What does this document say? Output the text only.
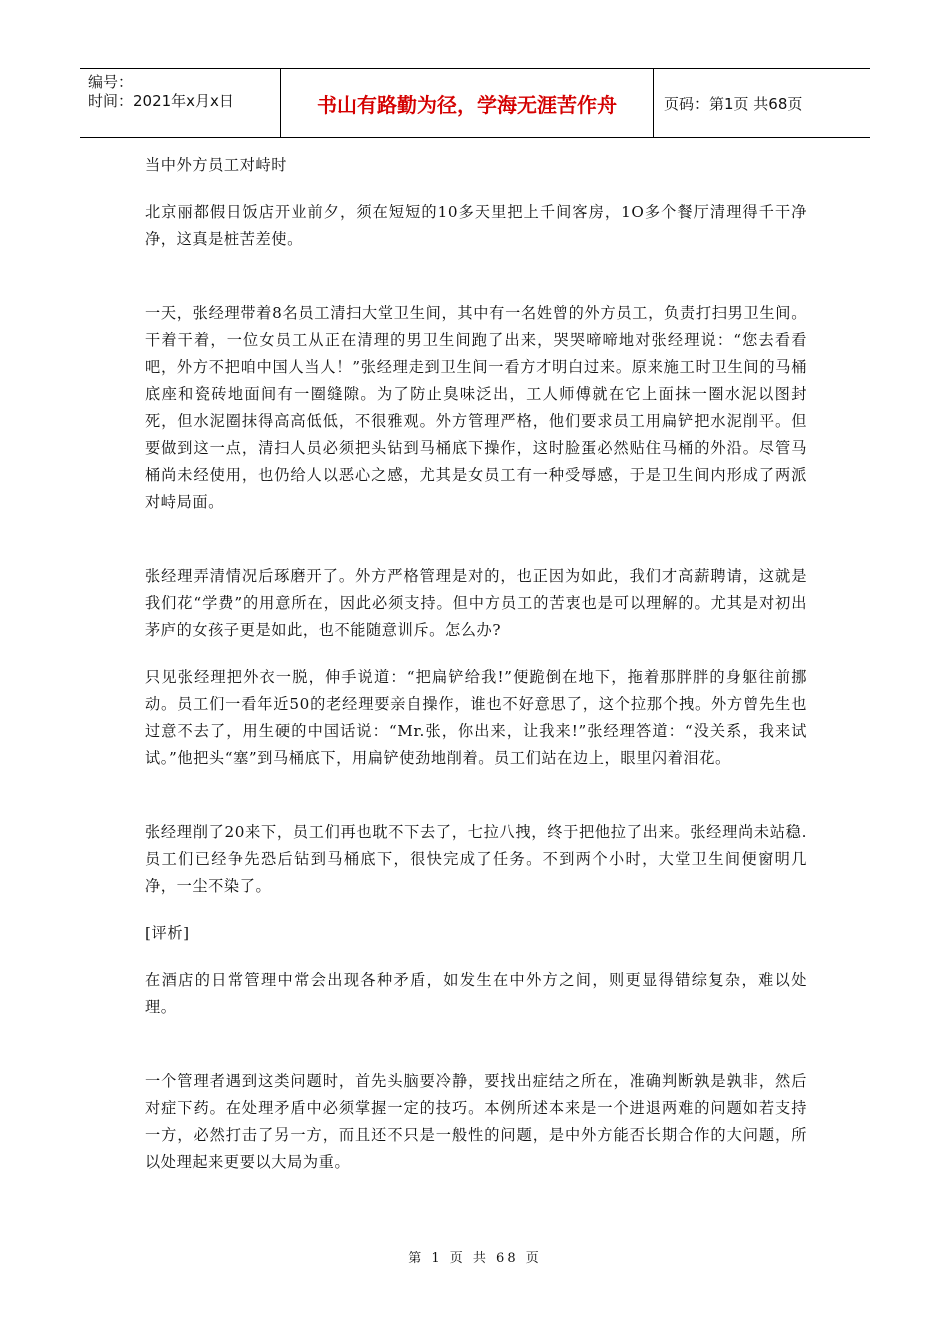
编号：
时间：2021年x月x日	书山有路勤为径，学海无涯苦作舟	页码：第1页 共68页

当中外方员工对峙时

北京丽都假日饭店开业前夕，须在短短的10多天里把上千间客房，1O多个餐厅清理得千干净净，这真是桩苦差使。

一天，张经理带着8名员工清扫大堂卫生间，其中有一名姓曾的外方员工，负责打扫男卫生间。干着干着，一位女员工从正在清理的男卫生间跑了出来，哭哭啼啼地对张经理说：“您去看看吧，外方不把咱中国人当人！”张经理走到卫生间一看方才明白过来。原来施工时卫生间的马桶底座和瓷砖地面间有一圈缝隙。为了防止臭味泛出，工人师傅就在它上面抹一圈水泥以图封死，但水泥圈抹得高高低低，不很雅观。外方管理严格，他们要求员工用扁铲把水泥削平。但要做到这一点，清扫人员必须把头钻到马桶底下操作，这时脸蛋必然贴住马桶的外沿。尽管马桶尚未经使用，也仍给人以恶心之感，尤其是女员工有一种受辱感，于是卫生间内形成了两派对峙局面。

张经理弄清情况后琢磨开了。外方严格管理是对的，也正因为如此，我们才高薪聘请，这就是我们花“学费”的用意所在，因此必须支持。但中方员工的苦衷也是可以理解的。尤其是对初出茅庐的女孩子更是如此，也不能随意训斥。怎么办?

只见张经理把外衣一脱，伸手说道：“把扁铲给我!”便跪倒在地下，拖着那胖胖的身躯往前挪动。员工们一看年近50的老经理要亲自操作，谁也不好意思了，这个拉那个拽。外方曾先生也过意不去了，用生硬的中国话说：“Mr.张，你出来，让我来!”张经理答道：“没关系，我来试试。”他把头“塞”到马桶底下，用扁铲使劲地削着。员工们站在边上，眼里闪着泪花。

张经理削了20来下，员工们再也耽不下去了，七拉八拽，终于把他拉了出来。张经理尚未站稳.员工们已经争先恐后钻到马桶底下，很快完成了任务。不到两个小时，大堂卫生间便窗明几净，一尘不染了。

[评析]

在酒店的日常管理中常会出现各种矛盾，如发生在中外方之间，则更显得错综复杂，难以处理。

一个管理者遇到这类问题时，首先头脑要冷静，要找出症结之所在，准确判断孰是孰非，然后对症下药。在处理矛盾中必须掌握一定的技巧。本例所述本来是一个进退两难的问题如若支持一方，必然打击了另一方，而且还不只是一般性的问题，是中外方能否长期合作的大问题，所以处理起来更要以大局为重。

第 1 页 共 68 页
